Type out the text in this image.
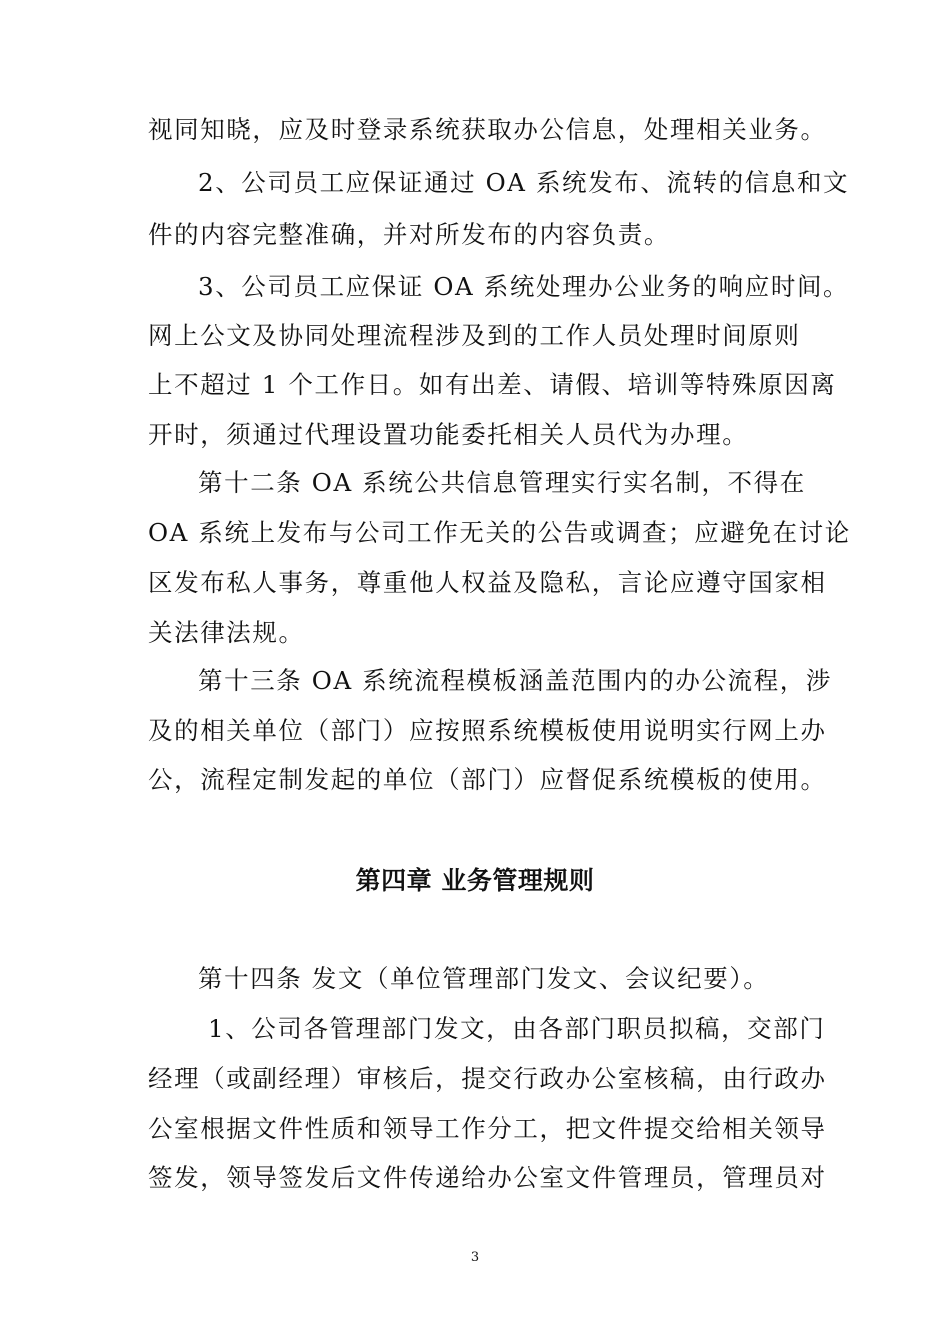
视同知晓，应及时登录系统获取办公信息，处理相关业务。
2、公司员工应保证通过 OA 系统发布、流转的信息和文
件的内容完整准确，并对所发布的内容负责。
3、公司员工应保证 OA 系统处理办公业务的响应时间。
网上公文及协同处理流程涉及到的工作人员处理时间原则
上不超过 1 个工作日。如有出差、请假、培训等特殊原因离
开时，须通过代理设置功能委托相关人员代为办理。
第十二条 OA 系统公共信息管理实行实名制，不得在
OA 系统上发布与公司工作无关的公告或调查；应避免在讨论
区发布私人事务，尊重他人权益及隐私，言论应遵守国家相
关法律法规。
第十三条 OA 系统流程模板涵盖范围内的办公流程，涉
及的相关单位（部门）应按照系统模板使用说明实行网上办
公，流程定制发起的单位（部门）应督促系统模板的使用。
第四章 业务管理规则
第十四条 发文（单位管理部门发文、会议纪要）。
1、公司各管理部门发文，由各部门职员拟稿，交部门
经理（或副经理）审核后，提交行政办公室核稿，由行政办
公室根据文件性质和领导工作分工，把文件提交给相关领导
签发，领导签发后文件传递给办公室文件管理员，管理员对
3
